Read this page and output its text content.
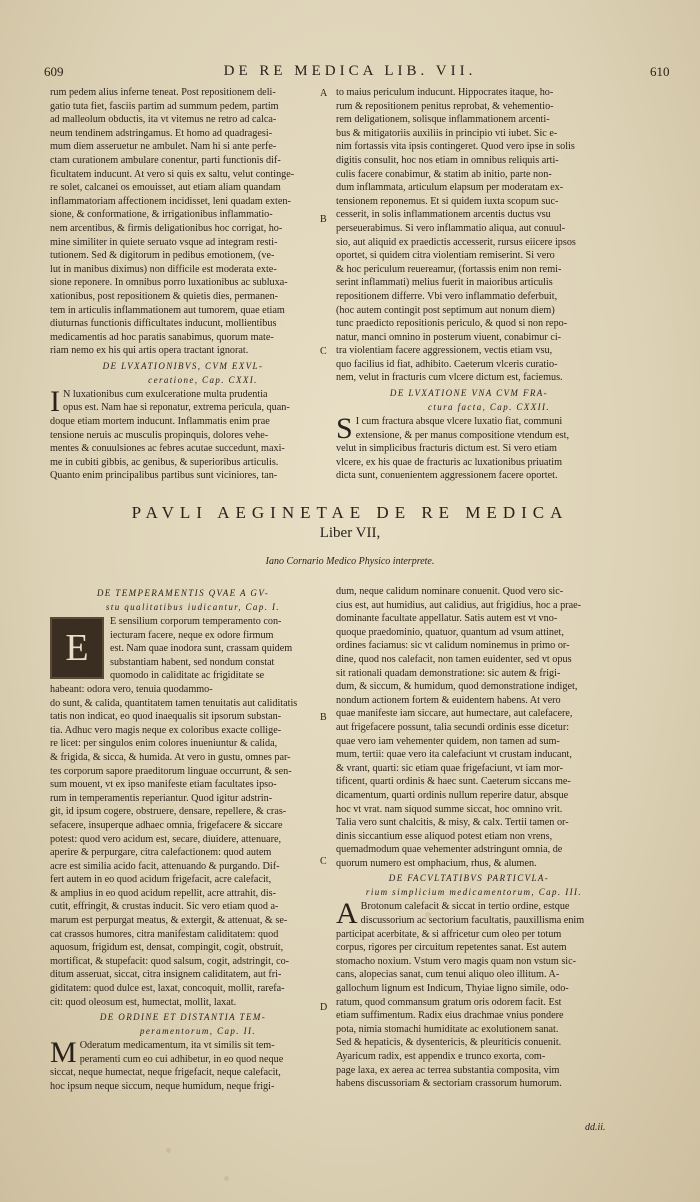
609	DE RE MEDICA LIB. VII.	610
A
B
C
B
C
D
rum pedem alius inferne teneat. Post repositionem deli-
gatio tuta fiet, fasciis partim ad summum pedem, partim
ad malleolum obductis, ita vt vitemus ne retro ad calca-
neum tendinem adstringamus. Et homo ad quadragesi-
mum diem asseruetur ne ambulet. Nam hi si ante perfe-
ctam curationem ambulare conentur, parti functionis dif-
ficultatem inducunt. At vero si quis ex saltu, velut continge-
re solet, calcanei os emouisset, aut etiam aliam quandam
inflammatoriam affectionem incidisset, leni quadam exten-
sione, & conformatione, & irrigationibus inflammatio-
nem arcentibus, & firmis deligationibus hoc corrigat, ho-
mine similiter in quiete seruato vsque ad integram resti-
tutionem. Sed & digitorum in pedibus emotionem, (ve-
lut in manibus diximus) non difficile est moderata exte-
sione reponere. In omnibus porro luxationibus ac subluxa-
xationibus, post repositionem & quietis dies, permanen-
tem in articulis inflammationem aut tumorem, quae etiam
diuturnas functionis difficultates inducunt, mollientibus
medicamentis ad hoc paratis sanabimus, quorum mate-
riam nemo ex his qui artis opera tractant ignorat.
DE LVXATIONIBVS, CVM EXVL-
ceratione, Cap. CXXI.
I N luxationibus cum exulceratione multa prudentia
opus est. Nam hae si reponatur, extrema pericula, quan-
doque etiam mortem inducunt. Inflammatis enim prae
tensione neruis ac musculis propinquis, dolores vehe-
mentes & conuulsiones ac febres acutae succedunt, maxi-
me in cubiti gibbis, ac genibus, & superioribus articulis.
Quanto enim principalibus partibus sunt viciniores, tan-
to maius periculum inducunt. Hippocrates itaque, ho-
rum & repositionem penitus reprobat, & vehementio-
rem deligationem, solisque inflammationem arcenti-
bus & mitigatoriis auxiliis in principio vti iubet. Sic e-
nim fortassis vita ipsis contingeret. Quod vero ipse in solis
digitis consulit, hoc nos etiam in omnibus reliquis arti-
culis facere conabimur, & statim ab initio, parte non-
dum inflammata, articulum elapsum per moderatam ex-
tensionem reponemus. Et si quidem iuxta scopum suc-
cesserit, in solis inflammationem arcentis ductus vsu
perseuerabimus. Si vero inflammatio aliqua, aut conuul-
sio, aut aliquid ex praedictis accesserit, rursus eiicere ipsos
oportet, si quidem citra violentiam remiserint. Si vero
& hoc periculum reuereamur, (fortassis enim non remi-
serint inflammati) melius fuerit in maioribus articulis
repositionem differre. Vbi vero inflammatio deferbuit,
(hoc autem contingit post septimum aut nonum diem)
tunc praedicto repositionis periculo, & quod si non repo-
natur, manci omnino in posterum viuent, conabimur ci-
tra violentiam facere aggressionem, vectis etiam vsu,
quo facilius id fiat, adhibito. Caeterum vlceris curatio-
nem, velut in fracturis cum vlcere dictum est, faciemus.
DE LVXATIONE VNA CVM FRA-
ctura facta, Cap. CXXII.
S I cum fractura absque vlcere luxatio fiat, communi
extensione, & per manus compositione vtendum est,
velut in simplicibus fracturis dictum est. Si vero etiam
vlcere, ex his quae de fracturis ac luxationibus priuatim
dicta sunt, conuenientem aggressionem facere oportet.
PAVLI AEGINETAE DE RE MEDICA
Liber VII,
Iano Cornario Medico Physico interprete.
DE TEMPERAMENTIS QVAE A GV-
stu qualitatibus iudicantur, Cap. I.
E
E sensilium corporum temperamento con-
iecturam facere, neque ex odore firmum
est. Nam quae inodora sunt, crassam quidem
substantiam habent, sed nondum constat
quomodo in caliditate ac frigiditate se
habeant: odora vero, tenuia quodammo-
do sunt, & calida, quantitatem tamen tenuitatis aut caliditatis
tatis non indicat, eo quod inaequalis sit ipsorum substan-
tia. Adhuc vero magis neque ex coloribus exacte collige-
re licet: per singulos enim colores inueniuntur & calida,
& frigida, & sicca, & humida. At vero in gustu, omnes par-
tes corporum sapore praeditorum linguae occurrunt, & sen-
sum mouent, vt ex ipso manifeste etiam facultates ipso-
rum in temperamentis reperiantur. Quod igitur adstrin-
git, id ipsum cogere, obstruere, densare, repellere, & cras-
sefacere, insuperque adhaec omnia, frigefacere & siccare
potest: quod vero acidum est, secare, diuidere, attenuare,
aperire & perpurgare, citra calefactionem: quod autem
acre est similia acido facit, attenuando & purgando. Dif-
fert autem in eo quod acidum frigefacit, acre calefacit,
& amplius in eo quod acidum repellit, acre attrahit, dis-
cutit, effringit, & crustas inducit. Sic vero etiam quod a-
marum est perpurgat meatus, & extergit, & attenuat, & se-
cat crassos humores, citra manifestam caliditatem: quod
aquosum, frigidum est, densat, compingit, cogit, obstruit,
mortificat, & stupefacit: quod salsum, cogit, adstringit, co-
ditum asseruat, siccat, citra insignem caliditatem, aut fri-
giditatem: quod dulce est, laxat, concoquit, mollit, rarefa-
cit: quod oleosum est, humectat, mollit, laxat.
DE ORDINE ET DISTANTIA TEM-
peramentorum, Cap. II.
M Oderatum medicamentum, ita vt similis sit tem-
peramenti cum eo cui adhibetur, in eo quod neque
siccat, neque humectat, neque frigefacit, neque calefacit,
hoc ipsum neque siccum, neque humidum, neque frigi-
dum, neque calidum nominare conuenit. Quod vero sic-
cius est, aut humidius, aut calidius, aut frigidius, hoc a prae-
dominante facultate appellatur. Satis autem est vt vno-
quoque praedominio, quatuor, quantum ad vsum attinet,
ordines faciamus: sic vt calidum nominemus in primo or-
dine, quod nos calefacit, non tamen euidenter, sed vt opus
sit rationali quadam demonstratione: sic autem & frigi-
dum, & siccum, & humidum, quod demonstratione indiget,
nondum actionem fortem & euidentem habens. At vero
quae manifeste iam siccare, aut humectare, aut calefacere,
aut frigefacere possunt, talia secundi ordinis esse dicetur:
quae vero iam vehementer quidem, non tamen ad sum-
mum, tertii: quae vero ita calefaciunt vt crustam inducant,
& vrant, quarti: sic etiam quae frigefaciunt, vt iam mor-
tificent, quarti ordinis & haec sunt. Caeterum siccans me-
dicamentum, quarti ordinis nullum reperire datur, absque
hoc vt vrat. nam siquod summe siccat, hoc omnino vrit.
Talia vero sunt chalcitis, & misy, & calx. Tertii tamen or-
dinis siccantium esse aliquod potest etiam non vrens,
quemadmodum quae vehementer adstringunt omnia, de
quorum numero est omphacium, rhus, & alumen.
DE FACVLTATIBVS PARTICVLA-
rium simplicium medicamentorum, Cap. III.
A Brotonum calefacit & siccat in tertio ordine, estque
discussorium ac sectorium facultatis, pauxillisma enim
participat acerbitate, & si affricetur cum oleo per totum
corpus, rigores per circuitum repetentes sanat. Est autem
stomacho noxium. Vstum vero magis quam non vstum sic-
cans, alopecias sanat, cum tenui aliquo oleo illitum. A-
gallochum lignum est Indicum, Thyiae ligno simile, odo-
ratum, quod commansum gratum oris odorem facit. Est
etiam suffimentum. Radix eius drachmae vnius pondere
pota, nimia stomachi humiditate ac exolutionem sanat.
Sed & hepaticis, & dysentericis, & pleuriticis conuenit.
Ayaricum radix, est appendix e trunco exorta, com-
page laxa, ex aerea ac terrea substantia composita, vim
habens discussoriam & sectoriam crassorum humorum.
dd.ii.
